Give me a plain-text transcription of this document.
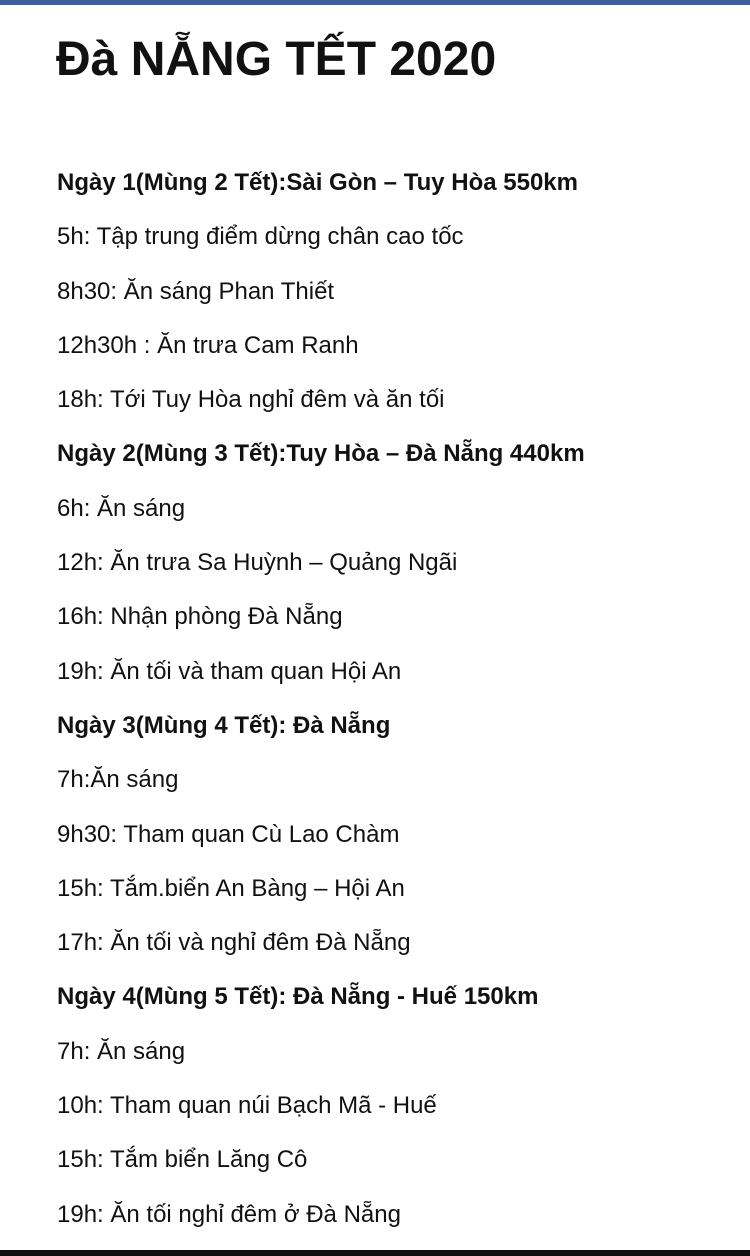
Đà NẴNG TẾT 2020
Ngày 1(Mùng 2 Tết):Sài Gòn – Tuy Hòa 550km
5h: Tập trung điểm dừng chân cao tốc
8h30: Ăn sáng Phan Thiết
12h30h : Ăn trưa Cam Ranh
18h: Tới Tuy Hòa nghỉ đêm và ăn tối
Ngày 2(Mùng 3 Tết):Tuy Hòa – Đà Nẵng 440km
6h: Ăn sáng
12h: Ăn trưa Sa Huỳnh – Quảng Ngãi
16h: Nhận phòng Đà Nẵng
19h: Ăn tối và tham quan Hội An
Ngày 3(Mùng 4 Tết): Đà Nẵng
7h:Ăn sáng
9h30: Tham quan Cù Lao Chàm
15h: Tắm.biển An Bàng – Hội An
17h: Ăn tối và nghỉ đêm Đà Nẵng
Ngày 4(Mùng 5 Tết): Đà Nẵng - Huế 150km
7h: Ăn sáng
10h: Tham quan núi Bạch Mã - Huế
15h: Tắm biển Lăng Cô
19h: Ăn tối nghỉ đêm ở Đà Nẵng
